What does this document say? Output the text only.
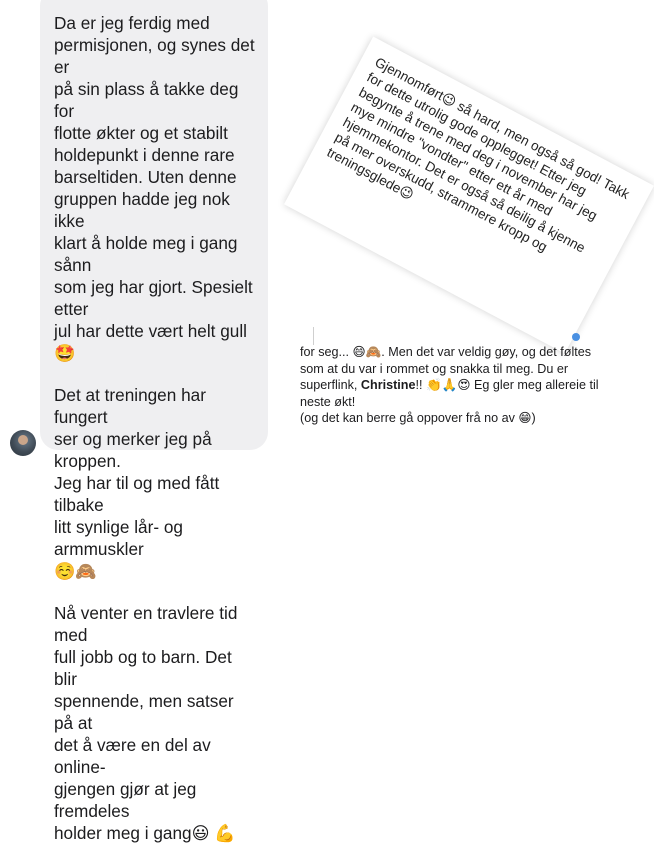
Da er jeg ferdig med
permisjonen, og synes det er
på sin plass å takke deg for
flotte økter og et stabilt
holdepunkt i denne rare
barseltiden. Uten denne
gruppen hadde jeg nok ikke
klart å holde meg i gang sånn
som jeg har gjort. Spesielt etter
jul har dette vært helt gull🤩

Det at treningen har fungert
ser og merker jeg på kroppen.
Jeg har til og med fått tilbake
litt synlige lår- og armmuskler
☺️🙈

Nå venter en travlere tid med
full jobb og to barn. Det blir
spennende, men satser på at
det å være en del av online-
gjengen gjør at jeg fremdeles
holder meg i gang😃 💪

Gjennomført😉 så hard, men også så god! Takk for dette utrolig gode opplegget! Etter jeg begynte å trene med deg i november har jeg mye mindre "vondter" etter ett år med hjemmekontor. Det er også så deilig å kjenne på mer overskudd, strammere kropp og treningsglede😉

for seg... 😄🙈. Men det var veldig gøy, og det føltes
som at du var i rommet og snakka til meg. Du er
superflink, Christine!! 👏🙏😍 Eg gler meg allereie til
neste økt!
(og det kan berre gå oppover frå no av 😁)
